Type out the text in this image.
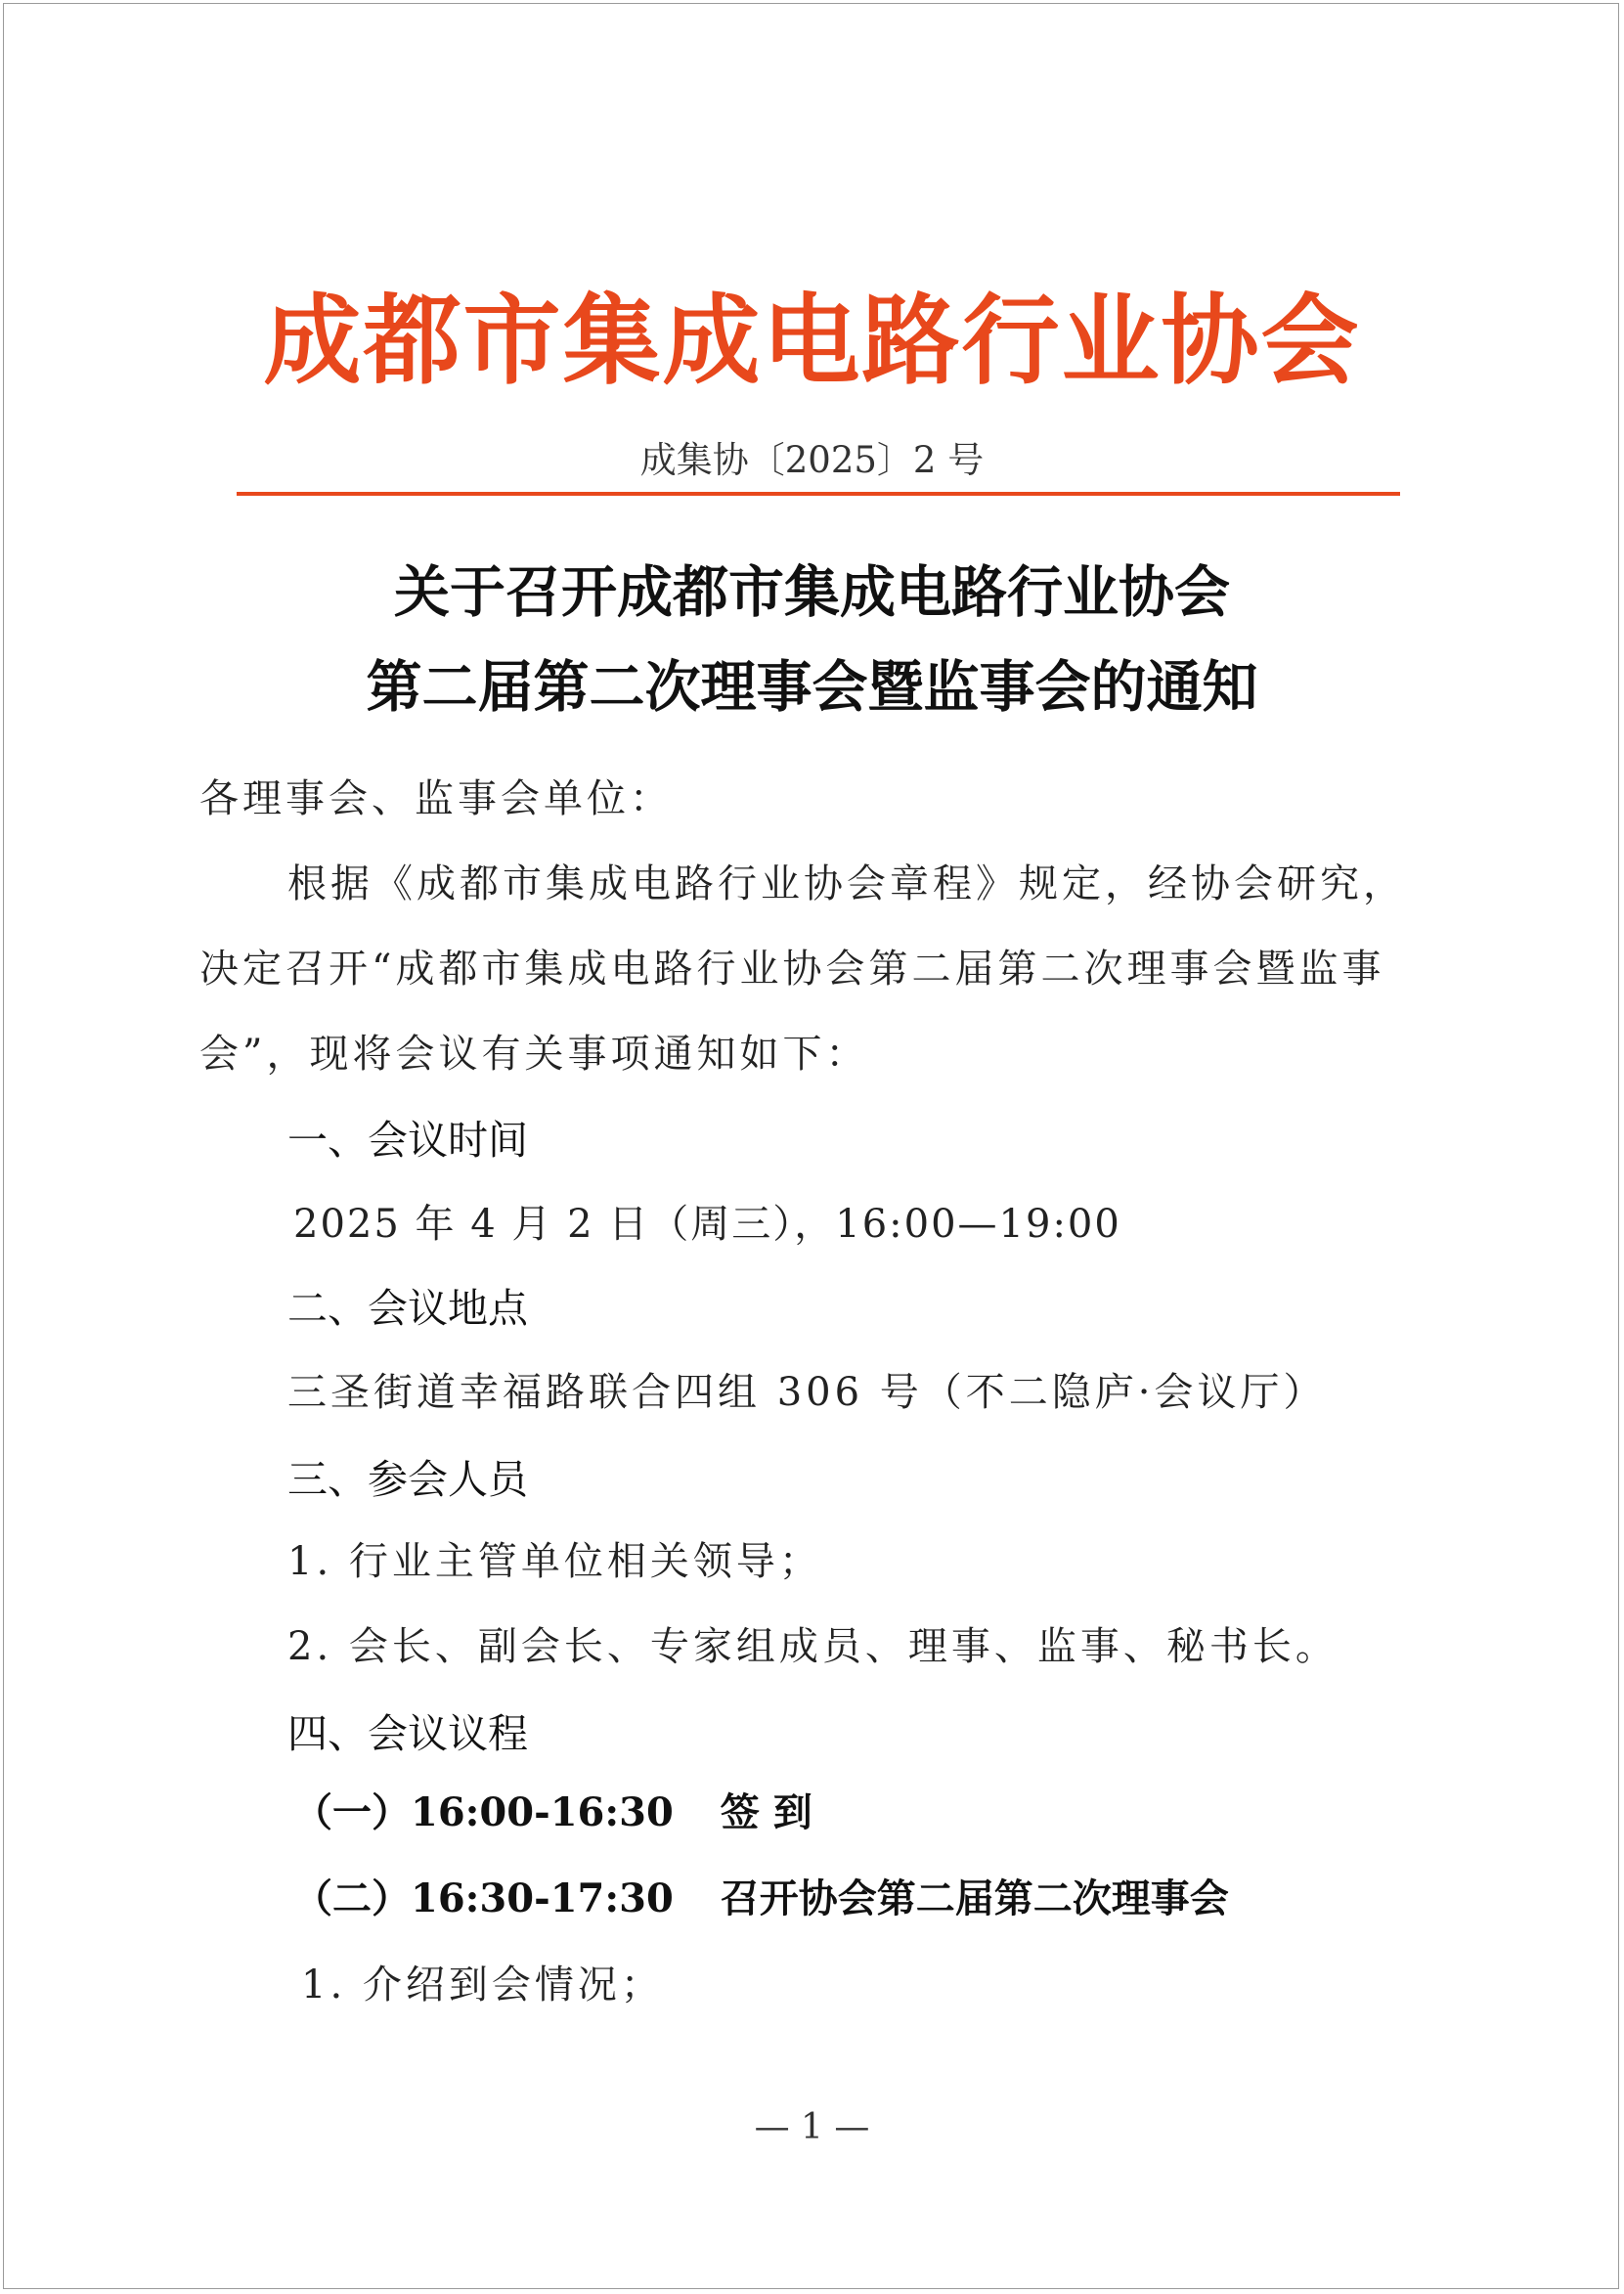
成都市集成电路行业协会
成集协〔2025〕2 号
关于召开成都市集成电路行业协会
第二届第二次理事会暨监事会的通知
各理事会、监事会单位：
根据《成都市集成电路行业协会章程》规定，经协会研究，
决定召开“成都市集成电路行业协会第二届第二次理事会暨监事
会”，现将会议有关事项通知如下：
一、会议时间
2025 年 4 月 2 日（周三），16:00—19:00
二、会议地点
三圣街道幸福路联合四组 306 号（不二隐庐·会议厅）
三、参会人员
1. 行业主管单位相关领导；
2. 会长、副会长、专家组成员、理事、监事、秘书长。
四、会议议程
（一）16:00-16:30 签 到
（二）16:30-17:30 召开协会第二届第二次理事会
1. 介绍到会情况；
— 1 —
